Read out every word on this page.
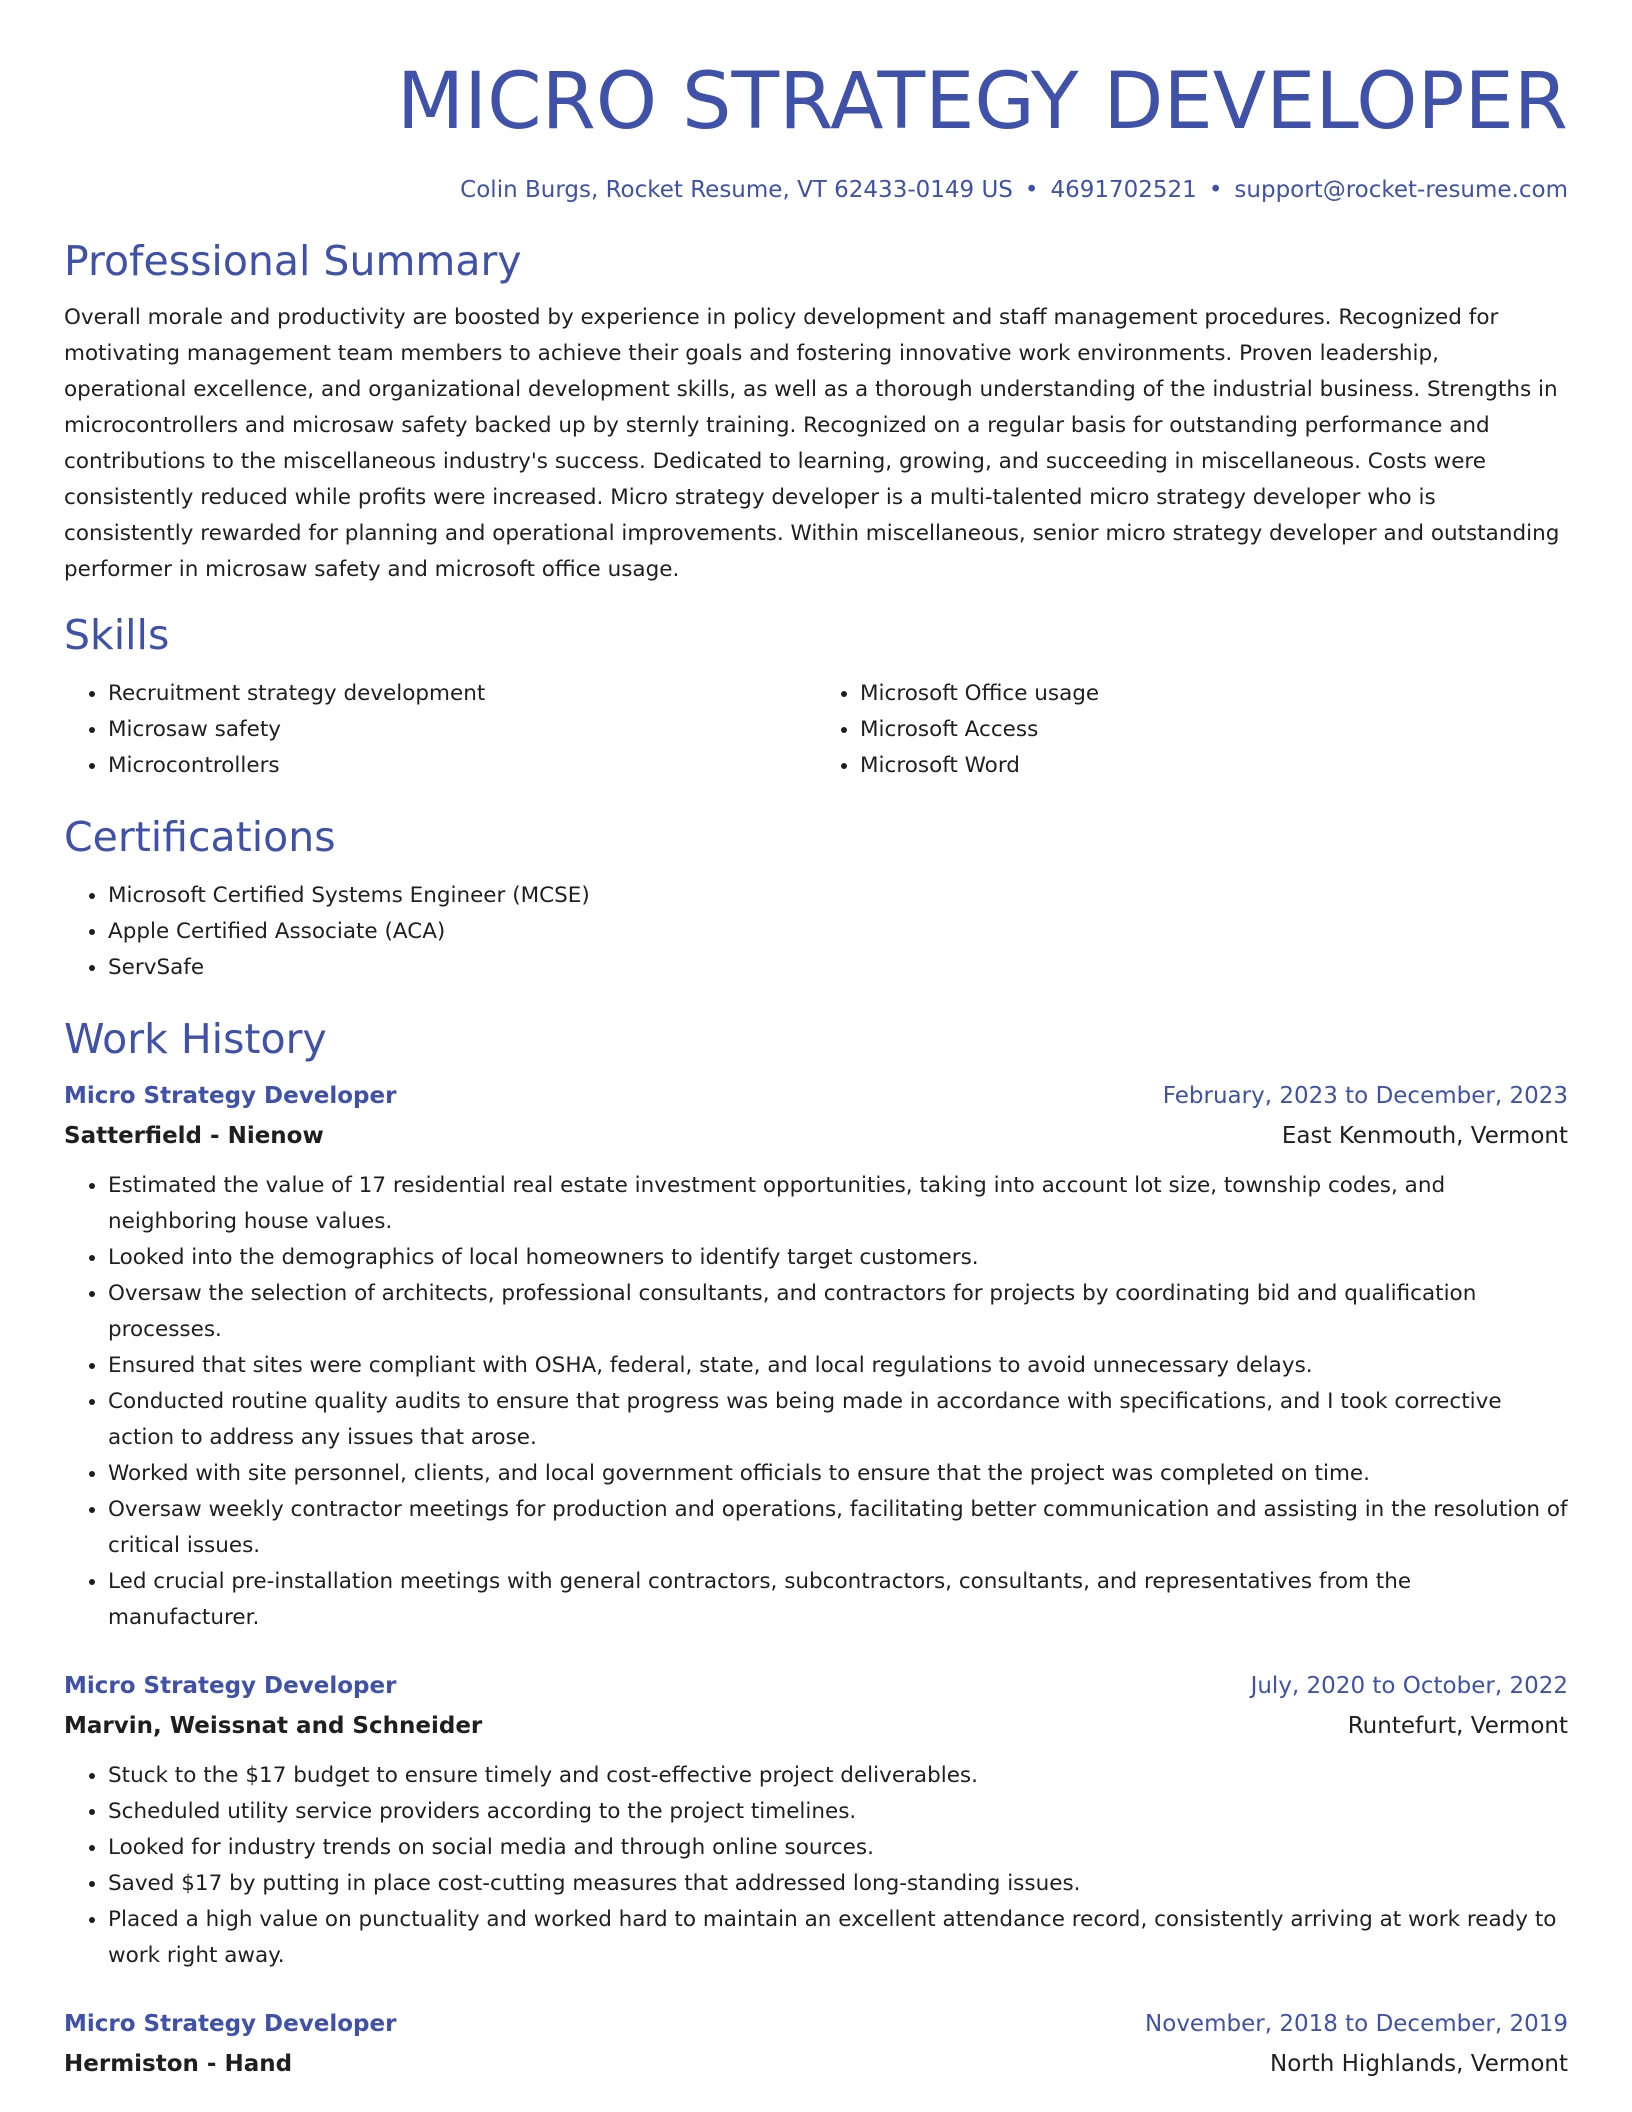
MICRO STRATEGY DEVELOPER
Colin Burgs, Rocket Resume, VT 62433-0149 US • 4691702521 • support@rocket-resume.com
Professional Summary

Overall morale and productivity are boosted by experience in policy development and staff management procedures. Recognized for motivating management team members to achieve their goals and fostering innovative work environments. Proven leadership, operational excellence, and organizational development skills, as well as a thorough understanding of the industrial business. Strengths in microcontrollers and microsaw safety backed up by sternly training. Recognized on a regular basis for outstanding performance and contributions to the miscellaneous industry's success. Dedicated to learning, growing, and succeeding in miscellaneous. Costs were consistently reduced while profits were increased. Micro strategy developer is a multi-talented micro strategy developer who is consistently rewarded for planning and operational improvements. Within miscellaneous, senior micro strategy developer and outstanding performer in microsaw safety and microsoft office usage.

Skills
• Recruitment strategy development
• Microsaw safety
• Microcontrollers
• Microsoft Office usage
• Microsoft Access
• Microsoft Word
Certifications
• Microsoft Certified Systems Engineer (MCSE)
• Apple Certified Associate (ACA)
• ServSafe
Work History
Micro Strategy Developer	February, 2023 to December, 2023
Satterfield - Nienow	East Kenmouth, Vermont
• Estimated the value of 17 residential real estate investment opportunities, taking into account lot size, township codes, and neighboring house values.
• Looked into the demographics of local homeowners to identify target customers.
• Oversaw the selection of architects, professional consultants, and contractors for projects by coordinating bid and qualification processes.
• Ensured that sites were compliant with OSHA, federal, state, and local regulations to avoid unnecessary delays.
• Conducted routine quality audits to ensure that progress was being made in accordance with specifications, and I took corrective action to address any issues that arose.
• Worked with site personnel, clients, and local government officials to ensure that the project was completed on time.
• Oversaw weekly contractor meetings for production and operations, facilitating better communication and assisting in the resolution of critical issues.
• Led crucial pre-installation meetings with general contractors, subcontractors, consultants, and representatives from the manufacturer.
Micro Strategy Developer	July, 2020 to October, 2022
Marvin, Weissnat and Schneider	Runtefurt, Vermont
• Stuck to the $17 budget to ensure timely and cost-effective project deliverables.
• Scheduled utility service providers according to the project timelines.
• Looked for industry trends on social media and through online sources.
• Saved $17 by putting in place cost-cutting measures that addressed long-standing issues.
• Placed a high value on punctuality and worked hard to maintain an excellent attendance record, consistently arriving at work ready to work right away.
Micro Strategy Developer	November, 2018 to December, 2019
Hermiston - Hand	North Highlands, Vermont
